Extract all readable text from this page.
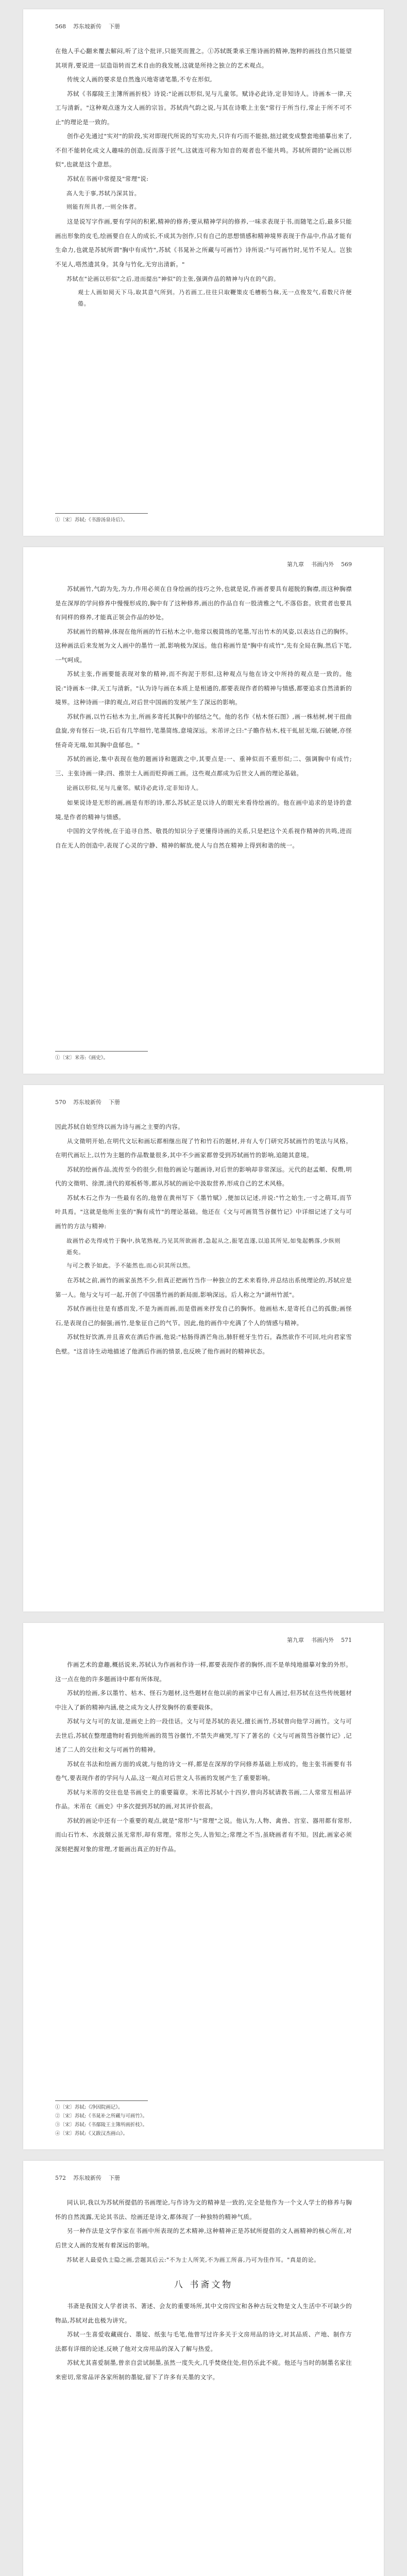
568 苏东坡新传 下册

在他人手心翻来覆去解闷,听了这个批评,只能笑而置之。①苏轼既秉承王维诗画的精神,饱粹的画技自然只能望其项背,要说进一层造诣转而艺术自由的我发展,这就是所持之独立的艺术观点。

传统文人画的要求是自然逸兴地寄诸笔墨,不专在形似,

苏轼《书鄢陵王主簿所画折枝》诗说:"论画以形似,见与儿童邻。赋诗必此诗,定非知诗人。诗画本一律,天工与清新。"这种观点遂为文人画的宗旨。苏轼尚气韵之说,与其在诗歌上主张"常行于所当行,常止于所不可不止"的理论是一致的。

创作必先通过"实对"的阶段,实对即现代所说的写实功夫,只许有巧而不能拙,拙过就变成整套地描摹出来了,不但不能转化成文人趣味的创造,反而落于匠气,这就连可称为知音的观者也不能共鸣。苏轼所谓的"论画以形似",也就是这个意思。

苏轼在书画中常提及"常理"说:

高人先于事,苏轼乃深其旨。

则能有所具者,一则全体者。

这是说写字作画,要有学问的积累,精神的修养;要从精神学问的修养,一味求表现于书,而随笔之后,最多只能画出形象的皮毛,绘画要自在人的成长,不成其为创作,只有自己的思想情感和精神境界表现于作品中,作品才能有生命力,也就是苏轼所谓"胸中有成竹",苏轼《书晁补之所藏与可画竹》诗所说:"与可画竹时,见竹不见人。岂独不见人,嗒然遗其身。其身与竹化,无穷出清新。"

苏轼在"论画以形似"之后,进而提出"神似"的主张,强调作品的精神与内在的气韵。

观士人画如阅天下马,取其意气所到。乃若画工,往往只取鞭策皮毛槽枥刍秣,无一点俊发气,看数尺许便倦。

①〔宋〕苏轼:《书游汤泉诗后》。
第九章 书画内外 569

苏轼画竹,气韵为先,为力,作用必须在自身绘画的技巧之外,也就是说,作画者要具有超脱的胸襟,而这种胸襟是在深厚的学问修养中慢慢形成的,胸中有了这种修养,画出的作品自有一股清雅之气,不落俗套。欣赏者也要具有同样的修养,才能真正领会作品的妙处。

苏轼画竹的精神,体现在他所画的竹石枯木之中,他常以极简练的笔墨,写出竹木的风姿,以表达自己的胸怀。这种画法后来发展为文人画中的墨竹一派,影响极为深远。他自称画竹是"胸中有成竹",先有全局在胸,然后下笔,一气呵成。

苏轼主张,作画要能表现对象的精神,而不拘泥于形似,这种观点与他在诗文中所持的观点是一致的。他说:"诗画本一律,天工与清新。"认为诗与画在本质上是相通的,都要表现作者的精神与情感,都要追求自然清新的境界。这种诗画一律的观点,对后世中国画的发展产生了深远的影响。

苏轼作画,以竹石枯木为主,所画多寄托其胸中的郁结之气。他的名作《枯木怪石图》,画一株枯树,树干扭曲盘旋,旁有怪石一块,石后有几竿细竹,笔墨简练,意境深远。米芾评之曰:"子瞻作枯木,枝干虬屈无端,石皴硬,亦怪怪奇奇无端,如其胸中盘郁也。"

苏轼的画论,集中表现在他的题画诗和题跋之中,其要点是:一、重神似而不重形似;二、强调胸中有成竹;三、主张诗画一律;四、推崇士人画而贬抑画工画。这些观点都成为后世文人画的理论基础。

论画以形似,见与儿童邻。赋诗必此诗,定非知诗人。

如果说诗是无形的画,画是有形的诗,那么苏轼正是以诗人的眼光来看待绘画的。他在画中追求的是诗的意境,是作者的精神与情感。

中国的文学传统,在于追寻自然、敬畏的知识分子更懂得诗画的关系,只是把这个关系视作精神的共鸣,进而自在无人的创造中,表现了心灵的宁静、精神的解放,使人与自然在精神上得到和谐的统一。

①〔宋〕米芾:《画史》。
570 苏东坡新传 下册

因此苏轼自始至终以画为诗与画之主要的内容。

从文徵明开始,在明代文坛和画坛都相继出现了竹和竹石的题材,并有人专门研究苏轼画竹的笔法与风格。在明代画坛上,以竹为主题的作品数量很多,其中不少画家都曾受到苏轼画竹的影响,追随其意境。

苏轼的绘画作品,流传至今的很少,但他的画论与题画诗,对后世的影响却非常深远。元代的赵孟頫、倪瓒,明代的文徵明、徐渭,清代的郑板桥等,都从苏轼的画论中汲取营养,形成自己的艺术风格。

苏轼木石之作为一些最有名的,他曾在黄州写下《墨竹赋》,便加以记述,并说:"竹之始生,一寸之萌耳,而节叶具焉。"这就是他所主张的"胸有成竹"的理论基础。他还在《文与可画筼筜谷偃竹记》中详细记述了文与可画竹的方法与精神:

故画竹必先得成竹于胸中,执笔熟视,乃见其所欲画者,急起从之,振笔直遂,以追其所见,如兔起鹘落,少纵则逝矣。

与可之教予如此。予不能然也,而心识其所以然。

在苏轼之前,画竹的画家虽然不少,但真正把画竹当作一种独立的艺术来看待,并总结出系统理论的,苏轼应是第一人。他与文与可一起,开创了中国墨竹画的新局面,影响深远。后人称之为"湖州竹派"。

苏轼作画往往是有感而发,不是为画而画,而是借画来抒发自己的胸怀。他画枯木,是寄托自己的孤傲;画怪石,是表现自己的倔强;画竹,是象征自己的气节。因此,他的画作中充满了个人的情感与精神。

苏轼性好饮酒,并且喜欢在酒后作画,他说:"枯肠得酒芒角出,肺肝槎牙生竹石。森然欲作不可回,吐向君家雪色壁。"这首诗生动地描述了他酒后作画的情景,也反映了他作画时的精神状态。

第九章 书画内外 571

作画艺术的意趣,概括说来,苏轼认为作画和作诗一样,都要表现作者的胸怀,而不是单纯地描摹对象的外形。这一点在他的许多题画诗中都有所体现。

苏轼的绘画,多以墨竹、枯木、怪石为题材,这些题材在他以前的画家中已有人画过,但苏轼在这些传统题材中注入了新的精神内涵,使之成为文人抒发胸怀的重要载体。

苏轼与文与可的友谊,是画史上的一段佳话。文与可是苏轼的表兄,擅长画竹,苏轼曾向他学习画竹。文与可去世后,苏轼在整理遗物时看到他所画的筼筜谷偃竹,不禁失声痛哭,写下了著名的《文与可画筼筜谷偃竹记》,记述了二人的交往和文与可画竹的精神。

苏轼在书法和绘画方面的成就,与他的诗文一样,都是在深厚的学问修养基础上形成的。他主张书画要有书卷气,要表现作者的学问与人品,这一观点对后世文人书画的发展产生了重要影响。

苏轼与米芾的交往也是书画史上的重要篇章。米芾比苏轼小十四岁,曾向苏轼请教书画,二人常常互相品评作品。米芾在《画史》中多次提到苏轼的画,对其评价很高。

苏轼的画论中还有一个重要的观点,就是"常形"与"常理"之说。他认为,人物、禽兽、宫室、器用都有常形,而山石竹木、水波烟云虽无常形,却有常理。常形之失,人皆知之;常理之不当,虽晓画者有不知。因此,画家必须深刻把握对象的常理,才能画出真正的好作品。

①〔宋〕苏轼:《净因院画记》。
②〔宋〕苏轼:《书晁补之所藏与可画竹》。
③〔宋〕苏轼:《书鄢陵王主簿所画折枝》。
④〔宋〕苏轼:《又跋汉杰画山》。
572 苏东坡新传 下册

同认识,我以为苏轼所提倡的书画理论,与作诗为文的精神是一致的,完全是他作为一个文人学士的修养与胸怀的自然流露,无论其书法、绘画还是诗文,都体现了一种独特的精神气质。

另一种作法是文学作家在书画中所表现的艺术精神,这种精神正是苏轼所提倡的文人画精神的核心所在,对后世文人画的发展有着深远的影响。

苏轼老人最爱仇士隐之画,尝题其后云:"不为士人所笑,不为画工所喜,乃可为佳作耳。"真是的论。

八 书斋文物

书斋是我国文人学者读书、著述、会友的重要场所,其中文房四宝和各种古玩文物是文人生活中不可缺少的物品,苏轼对此也极为讲究。

苏轼一生喜爱收藏砚台、墨锭、纸张与毛笔,他曾写过许多关于文房用品的诗文,对其品质、产地、制作方法都有详细的论述,反映了他对文房用品的深入了解与热爱。

苏轼尤其喜爱制墨,曾亲自尝试制墨,虽然一度失火,几乎焚烧住处,但仍乐此不疲。他还与当时的制墨名家往来密切,常常品评各家所制的墨锭,留下了许多有关墨的文字。
